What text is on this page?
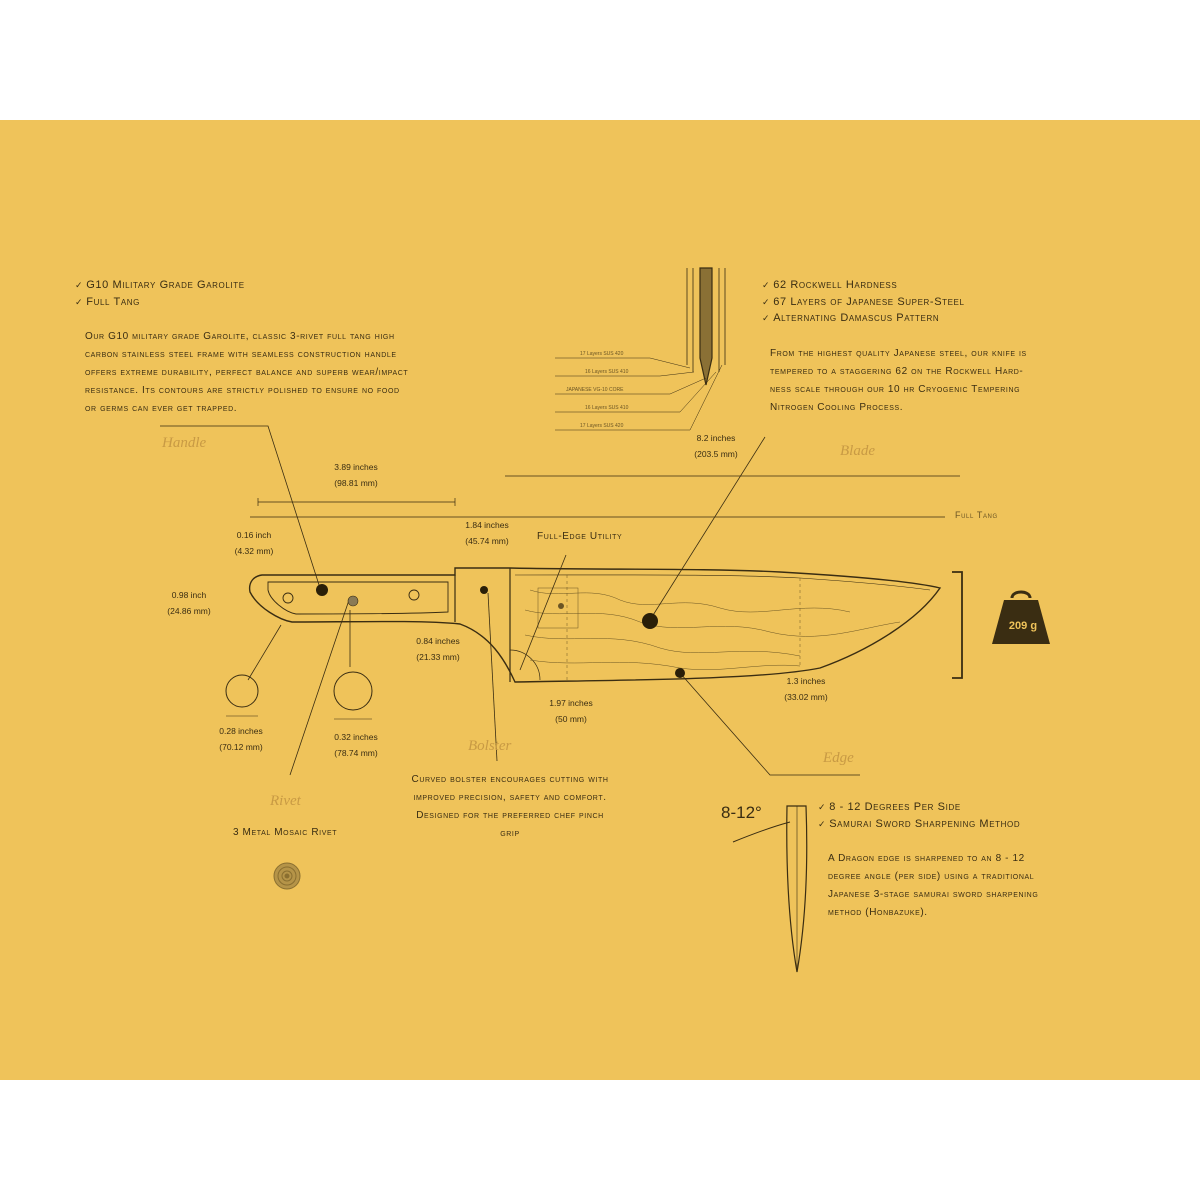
✓ G10 Military Grade Garolite
✓ Full Tang
Our G10 military grade Garolite, classic 3-rivet full tang high
carbon stainless steel frame with seamless construction handle
offers extreme durability, perfect balance and superb wear/impact
resistance. Its contours are strictly polished to ensure no food
or germs can ever get trapped.
Handle
✓ 62 Rockwell Hardness
✓ 67 Layers of Japanese Super-Steel
✓ Alternating Damascus Pattern
From the highest quality Japanese steel, our knife is
tempered to a staggering 62 on the Rockwell Hard-
ness scale through our 10 hr Cryogenic Tempering
Nitrogen Cooling Process.
Blade
Full Tang
17 Layers SUS 420
16 Layers SUS 410
JAPANESE VG-10 CORE
16 Layers SUS 410
17 Layers SUS 420
3.89 inches
(98.81 mm)
8.2 inches
(203.5 mm)
0.16 inch
(4.32 mm)
1.84 inches
(45.74 mm)
0.98 inch
(24.86 mm)
0.84 inches
(21.33 mm)
1.97 inches
(50 mm)
1.3 inches
(33.02 mm)
0.28 inches
(70.12 mm)
0.32 inches
(78.74 mm)
Full-Edge Utility
209 g
Bolster
Curved bolster encourages cutting with
improved precision, safety and comfort.
Designed for the preferred chef pinch
grip
Rivet
3 Metal Mosaic Rivet
Edge
8-12°
✓	8 - 12 Degrees Per Side
✓ Samurai Sword Sharpening Method
A Dragon edge is sharpened to an 8 - 12
degree angle (per side) using a traditional
Japanese 3-stage samurai sword sharpening
method (Honbazuke).
